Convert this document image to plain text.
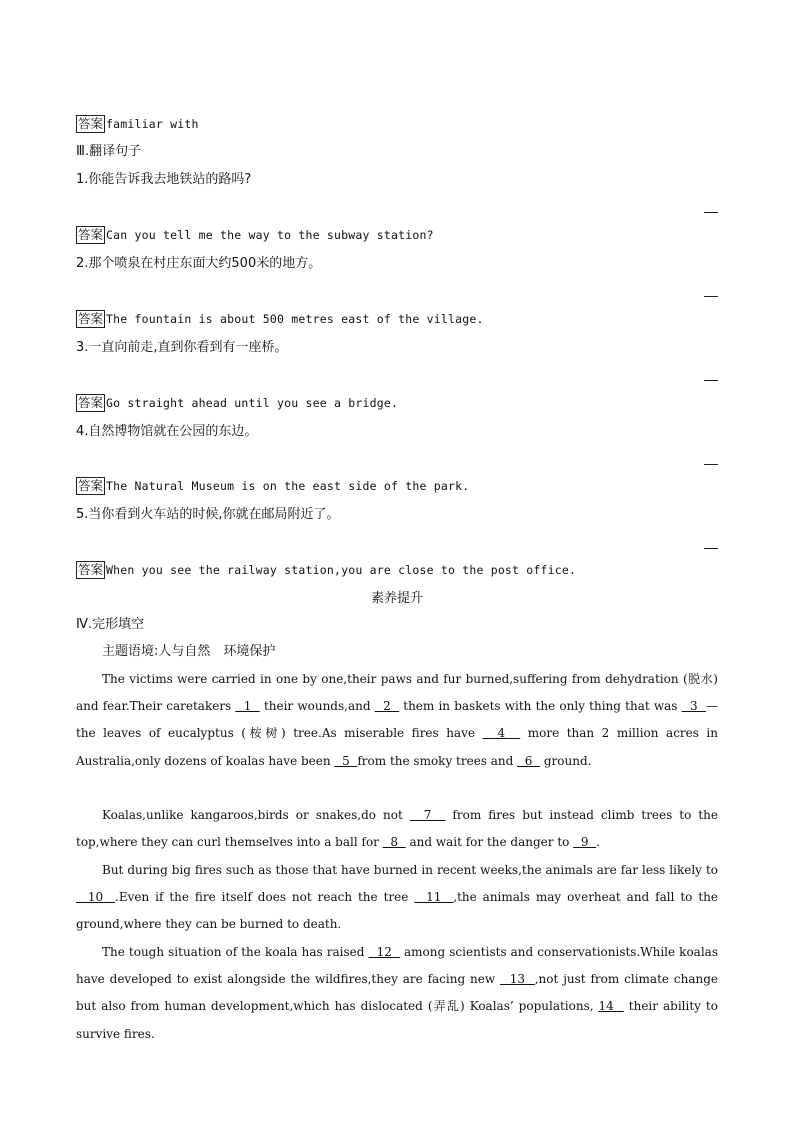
答案 familiar with
Ⅲ.翻译句子
1.你能告诉我去地铁站的路吗?
答案 Can you tell me the way to the subway station?
2.那个喷泉在村庄东面大约500米的地方。
答案 The fountain is about 500 metres east of the village.
3.一直向前走,直到你看到有一座桥。
答案 Go straight ahead until you see a bridge.
4.自然博物馆就在公园的东边。
答案 The Natural Museum is on the east side of the park.
5.当你看到火车站的时候,你就在邮局附近了。
答案 When you see the railway station,you are close to the post office.
素养提升
Ⅳ.完形填空
主题语境:人与自然　环境保护
The victims were carried in one by one,their paws and fur burned,suffering from dehydration (脱水) and fear.Their caretakers   1   their wounds,and   2   them in baskets with the only thing that was   3  —the leaves of eucalyptus (桉树) tree.As miserable fires have   4   more than 2 million acres in Australia,only dozens of koalas have been   5  from the smoky trees and   6   ground.
Koalas,unlike kangaroos,birds or snakes,do not   7   from fires but instead climb trees to the top,where they can curl themselves into a ball for   8   and wait for the danger to   9  .
But during big fires such as those that have burned in recent weeks,the animals are far less likely to   10  .Even if the fire itself does not reach the tree   11  ,the animals may overheat and fall to the ground,where they can be burned to death.
The tough situation of the koala has raised   12   among scientists and conservationists.While koalas have developed to exist alongside the wildfires,they are facing new   13  ,not just from climate change but also from human development,which has dislocated (弄乱) Koalas’ populations, 14   their ability to survive fires.
